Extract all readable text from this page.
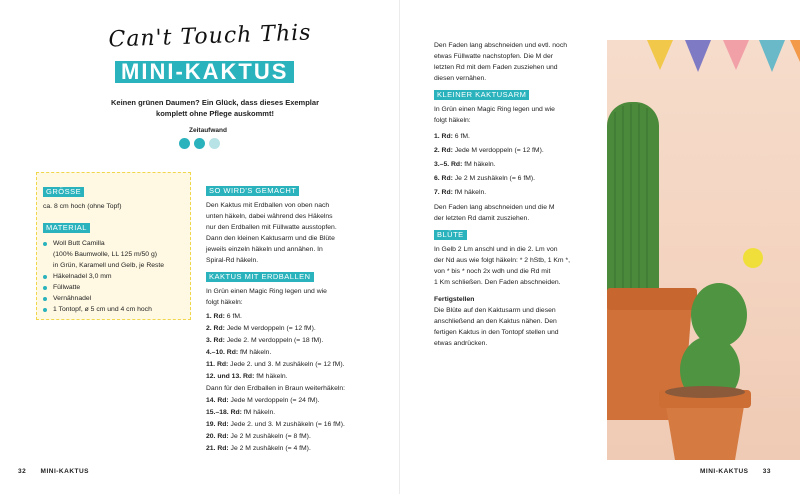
Can't Touch This
MINI-KAKTUS
Keinen grünen Daumen? Ein Glück, dass dieses Exemplar
komplett ohne Pflege auskommt!
Zeitaufwand
GRÖSSE
ca. 8 cm hoch (ohne Topf)
MATERIAL
Woll Butt Camilla
(100% Baumwolle, LL 125 m/50 g)
in Grün, Karamell und Gelb, je Reste
Häkelnadel 3,0 mm
Füllwatte
Vernähnadel
1 Tontopf, ø 5 cm und 4 cm hoch
SO WIRD'S GEMACHT
Den Kaktus mit Erdballen von oben nach
unten häkeln, dabei während des Häkelns
nur den Erdballen mit Füllwatte ausstopfen.
Dann den kleinen Kaktusarm und die Blüte
jeweils einzeln häkeln und annähen. In
Spiral-Rd häkeln.
KAKTUS MIT ERDBALLEN
In Grün einen Magic Ring legen und wie
folgt häkeln:
1. Rd: 6 fM.
2. Rd: Jede M verdoppeln (= 12 fM).
3. Rd: Jede 2. M verdoppeln (= 18 fM).
4.–10. Rd: fM häkeln.
11. Rd: Jede 2. und 3. M zushäkeln (= 12 fM).
12. und 13. Rd: fM häkeln.
Dann für den Erdballen in Braun weiterhäkeln:
14. Rd: Jede M verdoppeln (= 24 fM).
15.–18. Rd: fM häkeln.
19. Rd: Jede 2. und 3. M zushäkeln (= 16 fM).
20. Rd: Je 2 M zushäkeln (= 8 fM).
21. Rd: Je 2 M zushäkeln (= 4 fM).
32 MINI-KAKTUS
Den Faden lang abschneiden und evtl. noch
etwas Füllwatte nachstopfen. Die M der
letzten Rd mit dem Faden zusziehen und
diesen vernähen.
KLEINER KAKTUSARM
In Grün einen Magic Ring legen und wie
folgt häkeln:
1. Rd: 6 fM.
2. Rd: Jede M verdoppeln (= 12 fM).
3.–5. Rd: fM häkeln.
6. Rd: Je 2 M zushäkeln (= 6 fM).
7. Rd: fM häkeln.
Den Faden lang abschneiden und die M
der letzten Rd damit zusziehen.
BLÜTE
In Gelb 2 Lm anschl und in die 2. Lm von
der Nd aus wie folgt häkeln: * 2 hStb, 1 Km *,
von * bis * noch 2x wdh und die Rd mit
1 Km schließen. Den Faden abschneiden.
Fertigstellen
Die Blüte auf den Kaktusarm und diesen
anschließend an den Kaktus nähen. Den
fertigen Kaktus in den Tontopf stellen und
etwas andrücken.
MINI-KAKTUS 33
